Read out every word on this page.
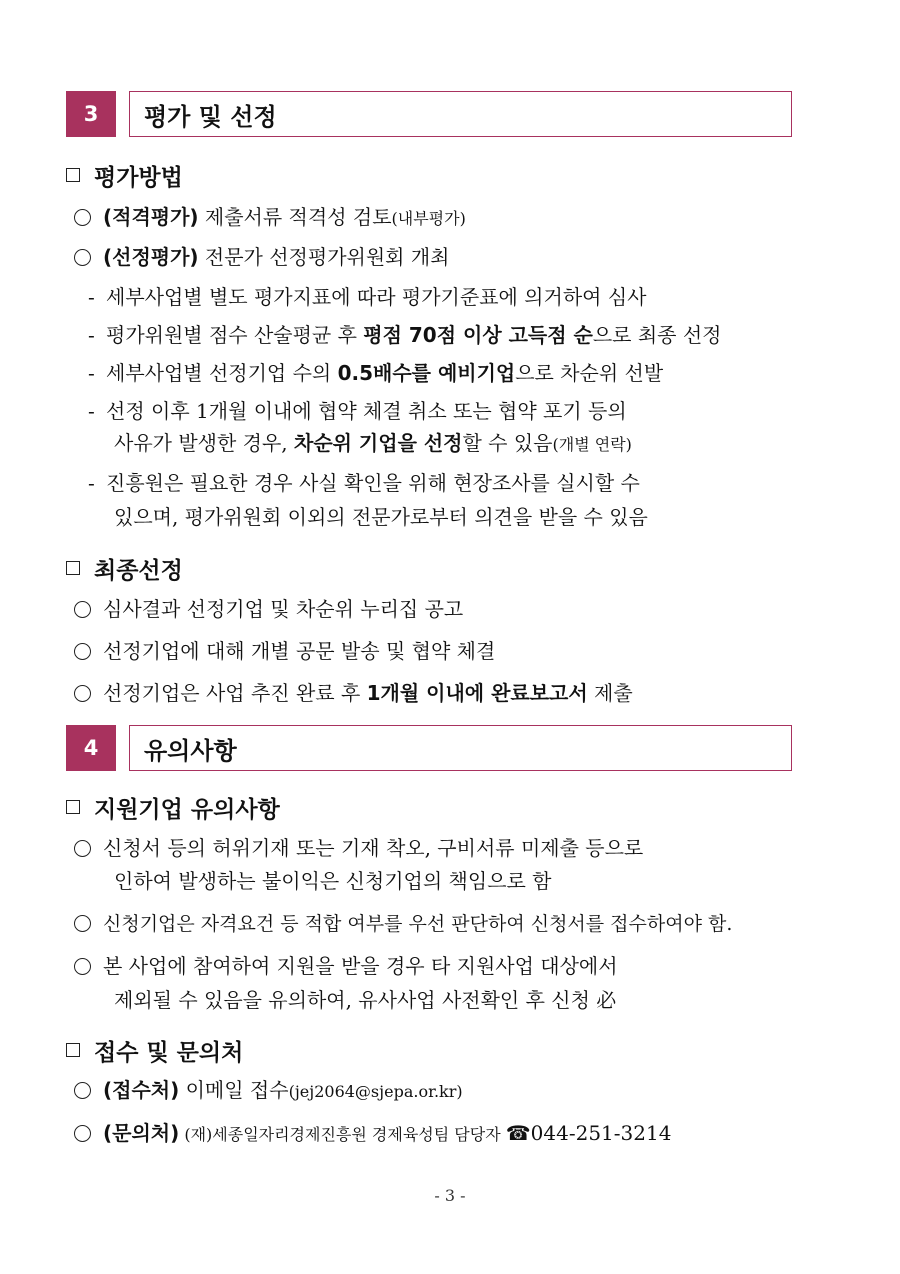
3	평가 및 선정
평가방법
(적격평가) 제출서류 적격성 검토(내부평가)
(선정평가) 전문가 선정평가위원회 개최
- 세부사업별 별도 평가지표에 따라 평가기준표에 의거하여 심사
- 평가위원별 점수 산술평균 후 평점 70점 이상 고득점 순으로 최종 선정
- 세부사업별 선정기업 수의 0.5배수를 예비기업으로 차순위 선발
- 선정 이후 1개월 이내에 협약 체결 취소 또는 협약 포기 등의
사유가 발생한 경우, 차순위 기업을 선정할 수 있음(개별 연락)
- 진흥원은 필요한 경우 사실 확인을 위해 현장조사를 실시할 수
있으며, 평가위원회 이외의 전문가로부터 의견을 받을 수 있음
최종선정
심사결과 선정기업 및 차순위 누리집 공고
선정기업에 대해 개별 공문 발송 및 협약 체결
선정기업은 사업 추진 완료 후 1개월 이내에 완료보고서 제출
4	유의사항
지원기업 유의사항
신청서 등의 허위기재 또는 기재 착오, 구비서류 미제출 등으로
인하여 발생하는 불이익은 신청기업의 책임으로 함
신청기업은 자격요건 등 적합 여부를 우선 판단하여 신청서를 접수하여야 함.
본 사업에 참여하여 지원을 받을 경우 타 지원사업 대상에서
제외될 수 있음을 유의하여, 유사사업 사전확인 후 신청 必
접수 및 문의처
(접수처) 이메일 접수(jej2064@sjepa.or.kr)
(문의처) (재)세종일자리경제진흥원 경제육성팀 담당자 ☎044-251-3214
- 3 -
